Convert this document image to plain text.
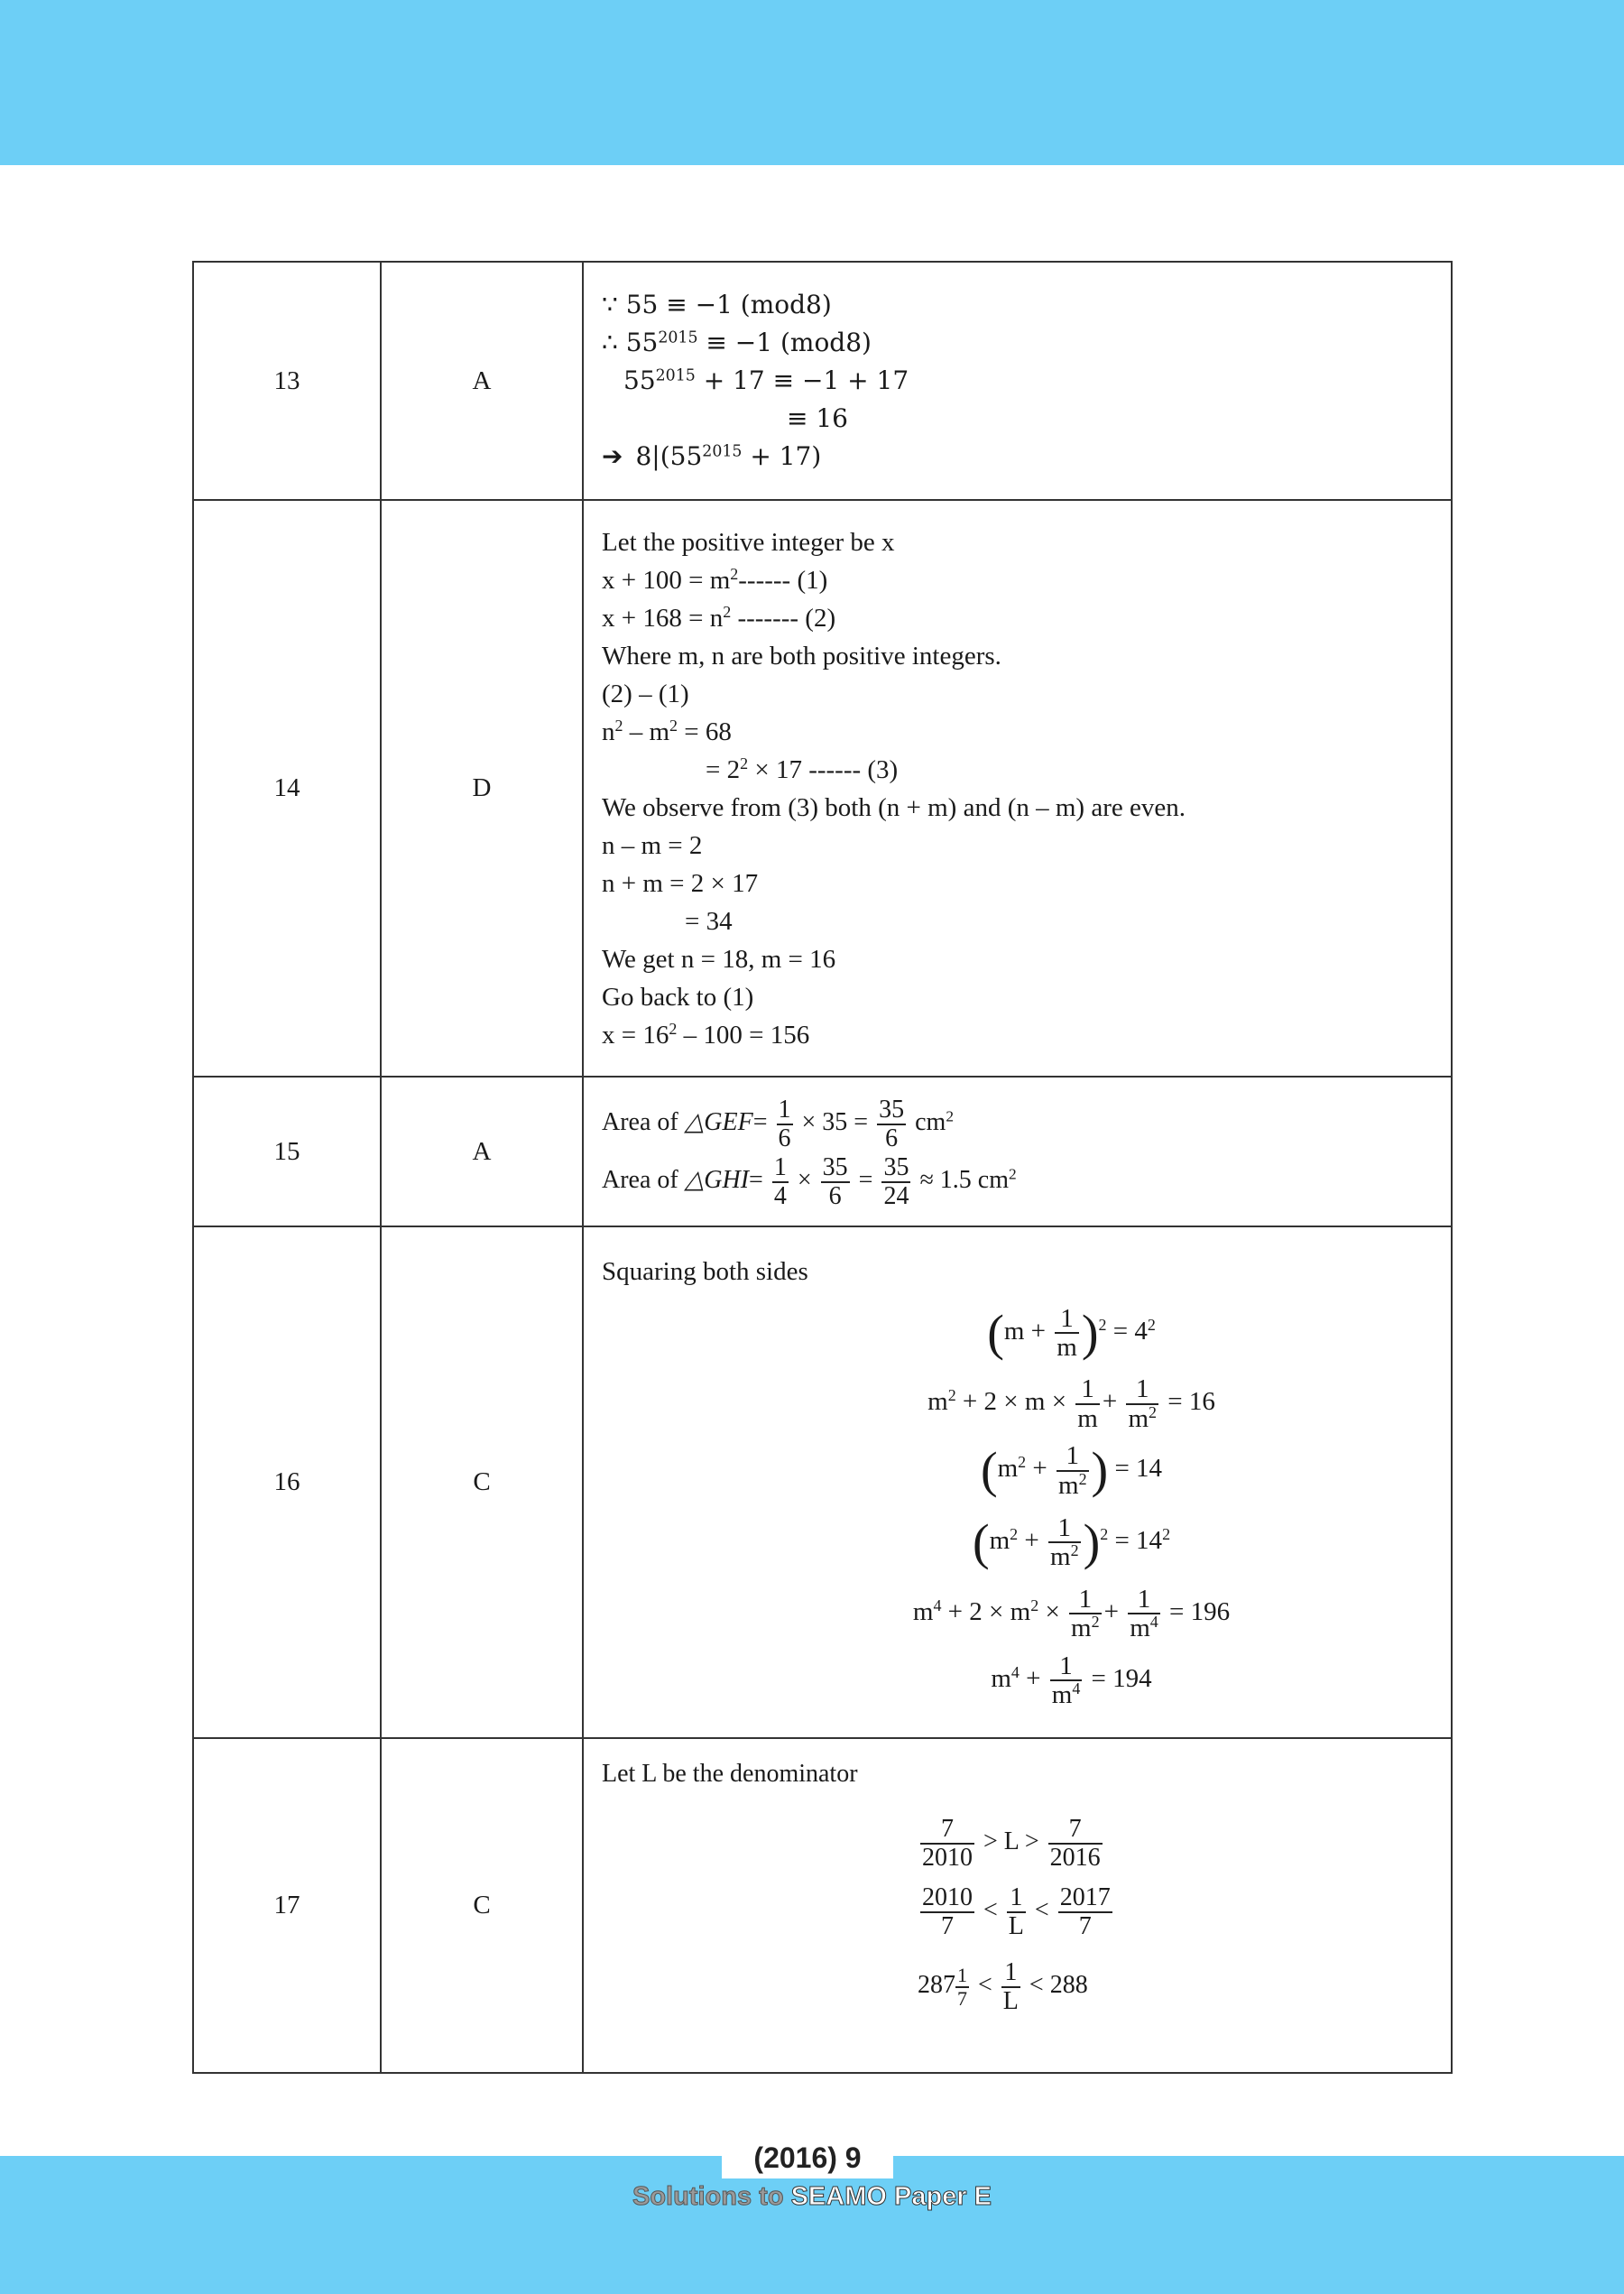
13	A	∵ 55 ≡ −1 (mod8)
∴ $55^{2015} \equiv -1$ (mod8)
$55^{2015} + 17 \equiv -1 + 17$
≡ 16
➔ $8|(55^{2015} + 17)$

14	D	
Let the positive integer be x
$x + 100 = m^2------$ (1)
$x + 168 = n^2$ ------- (2)
Where m, n are both positive integers.
(2) – (1)
$n^2 - m^2 = 68$
= $2^2 \times 17$ ------ (3)
We observe from (3) both (n + m) and (n – m) are even.
n – m = 2
n + m = 2 × 17
= 34
We get n = 18, m = 16
Go back to (1)
$x = 16^2 - 100 = 156$

15	A	
Area of △GEF= $\frac{1}{6} \times 35 = \frac{35}{6} cm^2$
Area of △GHI= $\frac{1}{4} \times \frac{35}{6} = \frac{35}{24} \approx 1.5$ $cm^2$

16	C	
Squaring both sides
$(m + \frac{1}{m} )^2 = 4^2$
$m^2 + 2 \times m \times \frac{1}{m} + \frac{1}{m^2} = 16$
($m^2 + \frac{1}{m^2}$ ) = 14
$(m^2 + \frac{1}{m^2} )^2 = 14^2$
$m^4 + 2 \times m^2 \times \frac{1}{m^2} + \frac{1}{m^4} = 196$
$m^4 + \frac{1}{m^4} = 194$

17	C	
Let L be the denominator
$\frac{7}{2010} > L > \frac{7}{2016}$
$\frac{2010}{7} < \frac{1}{L} < \frac{2017}{7}$
$287 \frac{1}{7} < \frac{1}{L} < 288$
(2016) 9
Solutions to SEAMO Paper E
